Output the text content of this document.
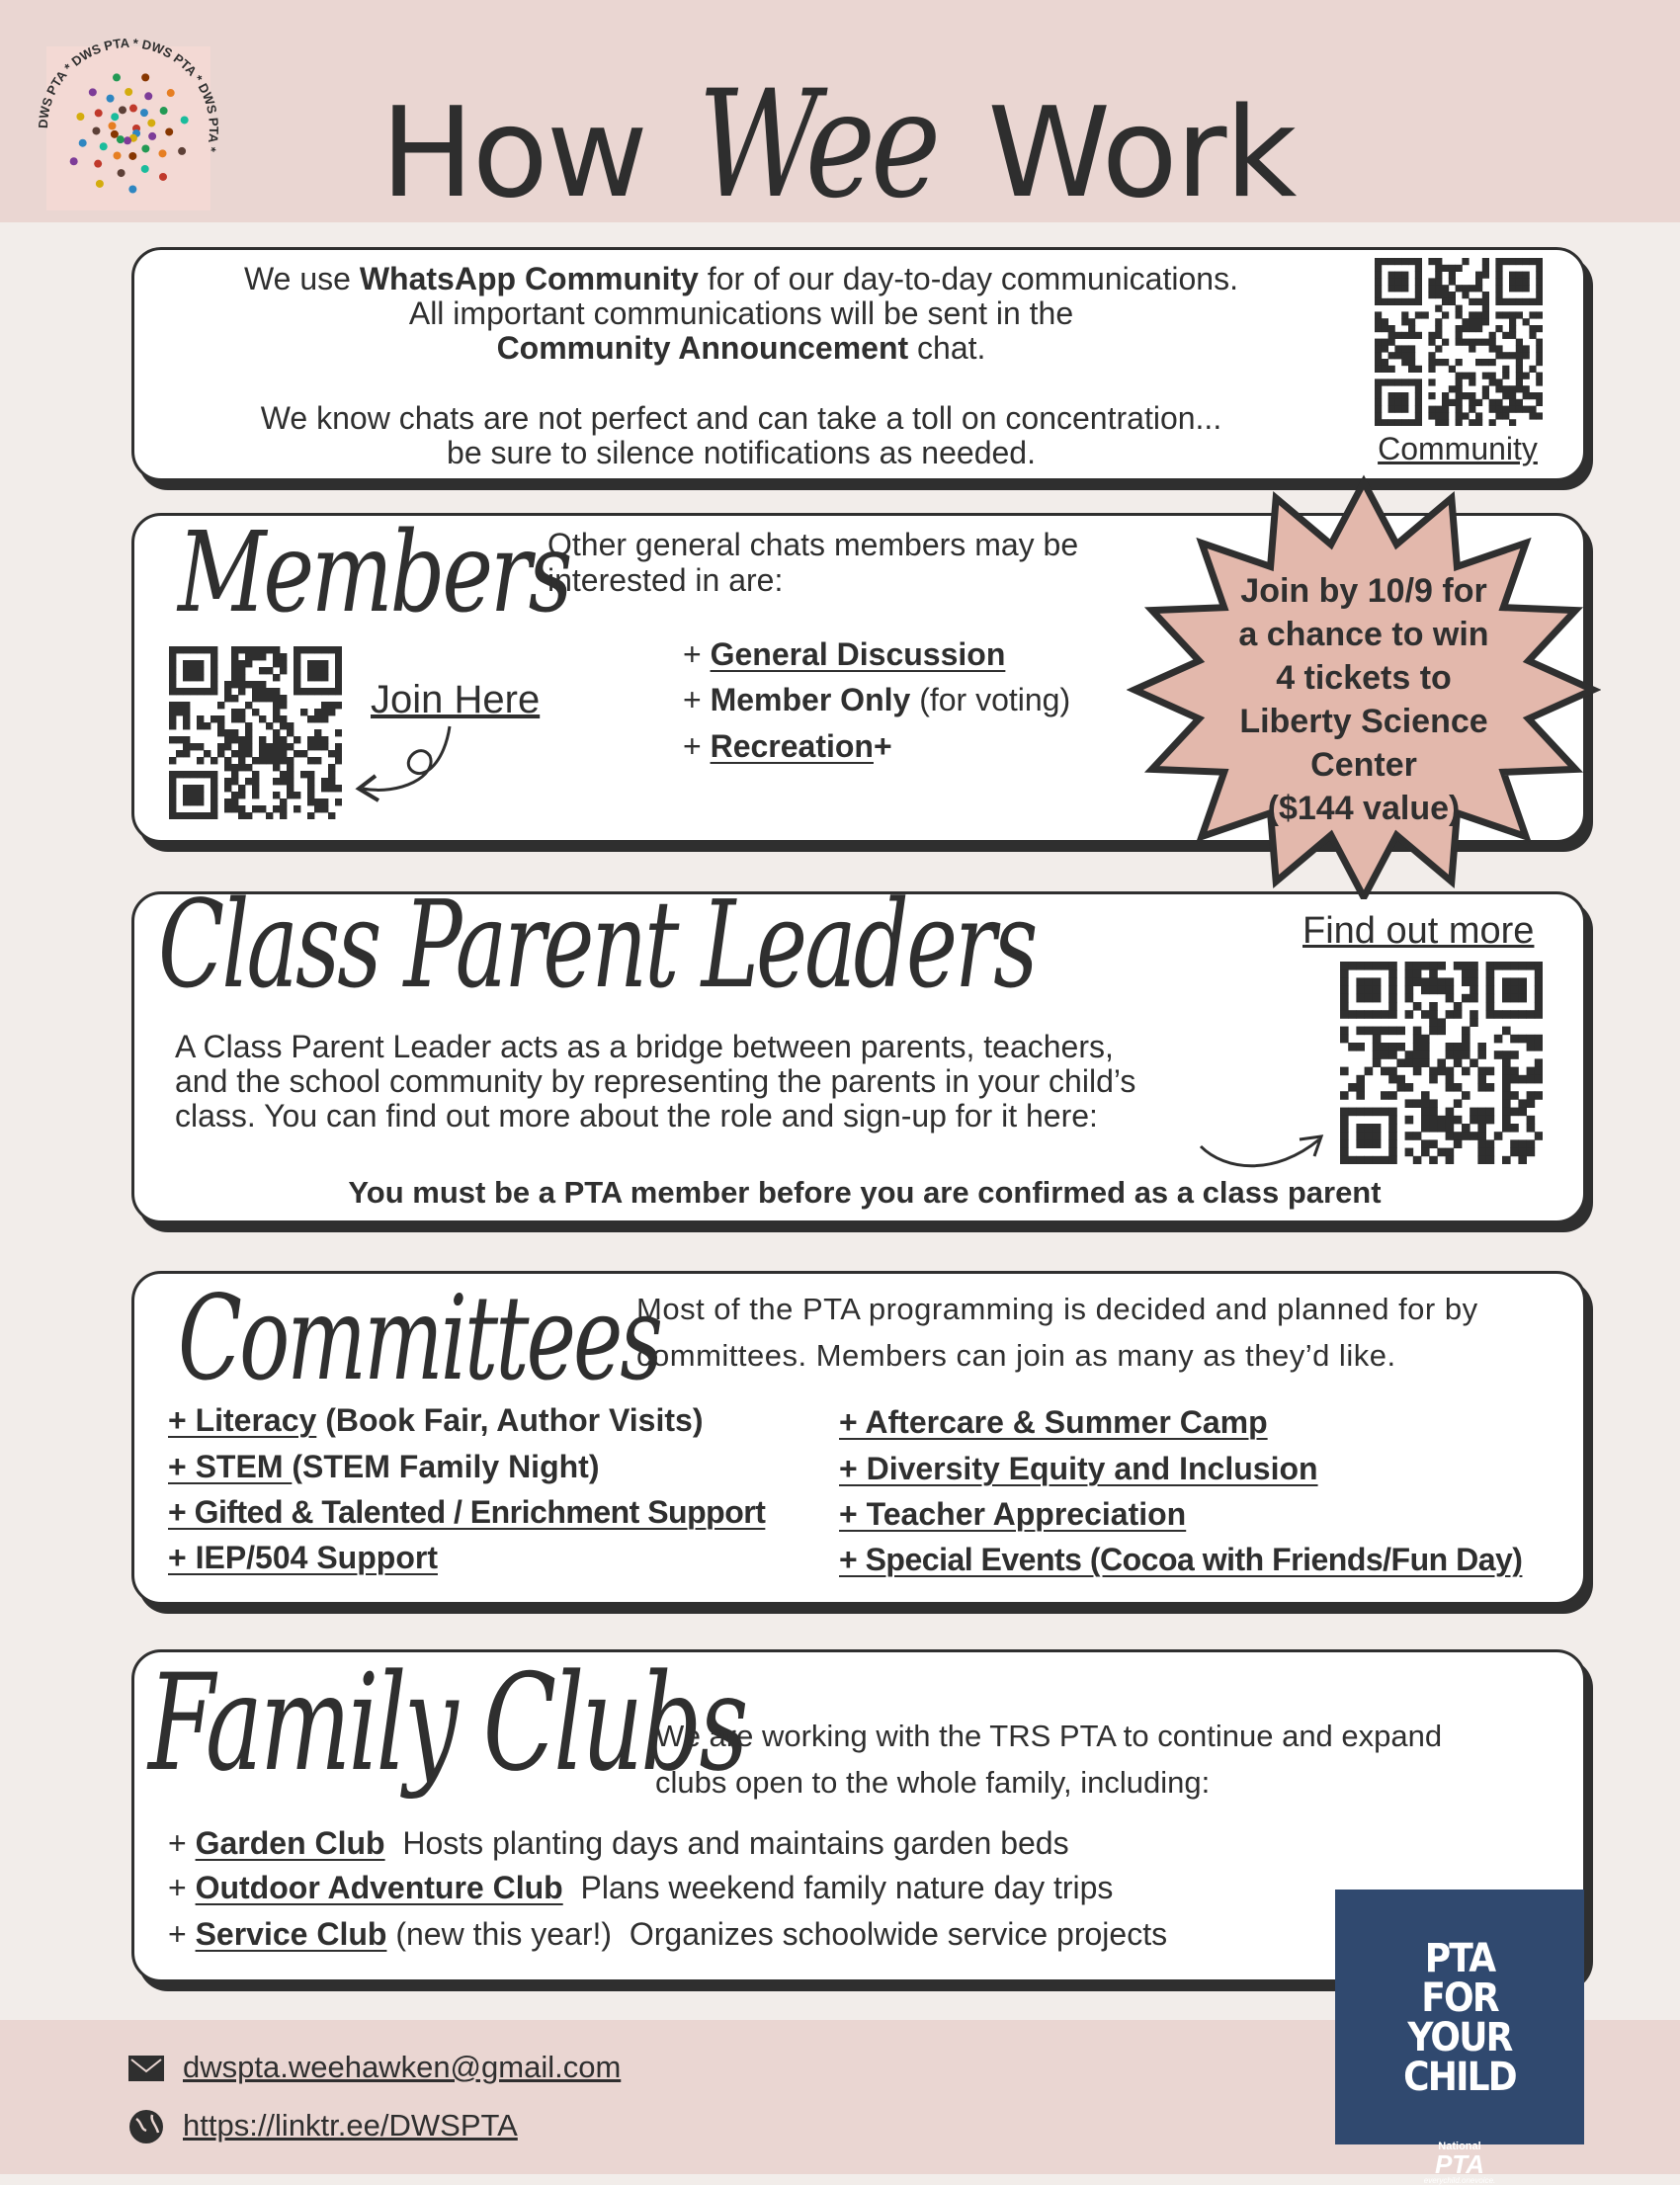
DWS PTA * DWS PTA * DWS PTA * DWS PTA * How Wee Work
We use WhatsApp Community for of our day-to-day communications.
All important communications will be sent in the
Community Announcement chat.
We know chats are not perfect and can take a toll on concentration...
be sure to silence notifications as needed.	Community
Members
Other general chats members may be
interested in are:
Join Here
+ General Discussion
+ Member Only (for voting)
+ Recreation+
Class Parent Leaders	Find out more
A Class Parent Leader acts as a bridge between parents, teachers,
and the school community by representing the parents in your child’s
class. You can find out more about the role and sign-up for it here:
You must be a PTA member before you are confirmed as a class parent
Committees
Most of the PTA programming is decided and planned for by
committees. Members can join as many as they’d like.
+ Literacy (Book Fair, Author Visits)
+ STEM (STEM Family Night)
+ Gifted & Talented / Enrichment Support
+ IEP/504 Support
+ Aftercare & Summer Camp
+ Diversity Equity and Inclusion
+ Teacher Appreciation
+ Special Events (Cocoa with Friends/Fun Day)
Family Clubs
We are working with the TRS PTA to continue and expand
clubs open to the whole family, including:
+ Garden Club  Hosts planting days and maintains garden beds
+ Outdoor Adventure Club  Plans weekend family nature day trips
+ Service Club (new this year!)  Organizes schoolwide service projects
Join by 10/9 for
a chance to win
4 tickets to
Liberty Science
Center
($144 value)
dwspta.weehawken@gmail.com
https://linktr.ee/DWSPTA
PTA
FOR
YOUR
CHILD
National
PTA
everychild.onevoice.
